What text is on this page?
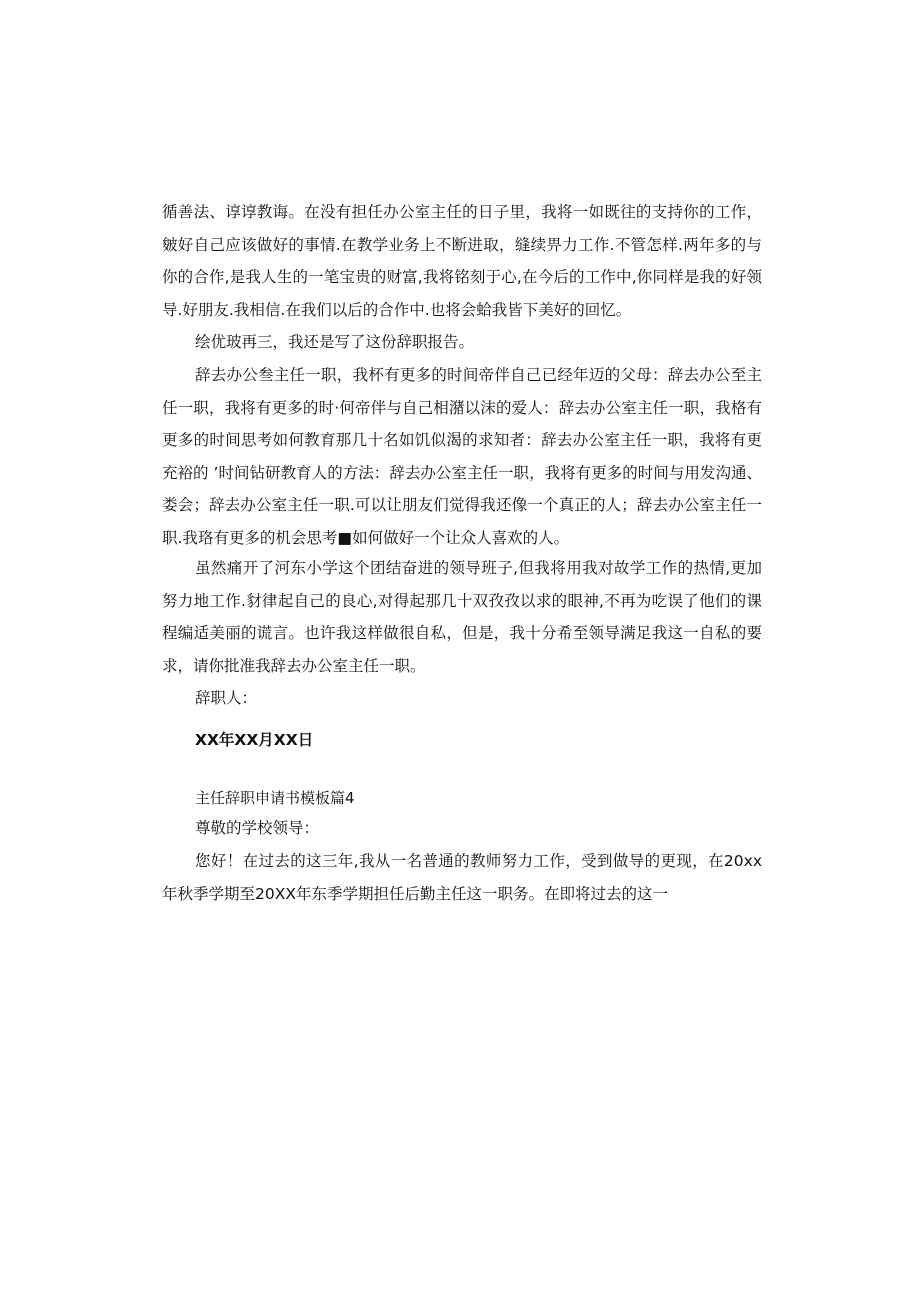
循善法、谆谆教诲。在没有担任办公室主任的日子里，我将一如既往的支持你的工作，皴好自己应该做好的事情.在教学业务上不断进取，缝续畀力工作.不管怎样.两年多的与你的合作,是我人生的一笔宝贵的财富,我将铭刻于心,在今后的工作中,你同样是我的好领导.好朋友.我相信.在我们以后的合作中.也将会蛤我皆下美好的回忆。

绘优玻再三，我还是写了这份辞职报告。

辞去办公叁主任一职，我杯有更多的时间帝伴自己已经年迈的父母：辞去办公至主任一职，我将有更多的时·何帝伴与自己相潴以沫的爱人：辞去办公室主任一职，我格有更多的时间思考如何教育那几十名如饥似渴的求知者：辞去办公室主任一职，我将有更充裕的 ’时间钻研教育人的方法：辞去办公室主任一职，我将有更多的时间与用发沟通、娄会；辞去办公室主任一职.可以让朋友们觉得我还像一个真正的人；辞去办公室主任一职.我珞有更多的机会思考■如何做好一个让众人喜欢的人。

虽然痛开了河东小学这个团结奋进的领导班子,但我将用我对故学工作的热情,更加努力地工作.豺律起自己的良心,对得起那几十双孜孜以求的眼神,不再为吃误了他们的课程编适美丽的谎言。也许我这样做很自私，但是，我十分希至领导满足我这一自私的要求，请你批准我辞去办公室主任一职。

辞职人：

XX年XX月XX日

主任辞职申请书模板篇4

尊敬的学校领导：

您好！在过去的这三年,我从一名普通的教师努力工作，受到做导的更现，在20xx年秋季学期至20XX年东季学期担任后勤主任这一职务。在即将过去的这一
